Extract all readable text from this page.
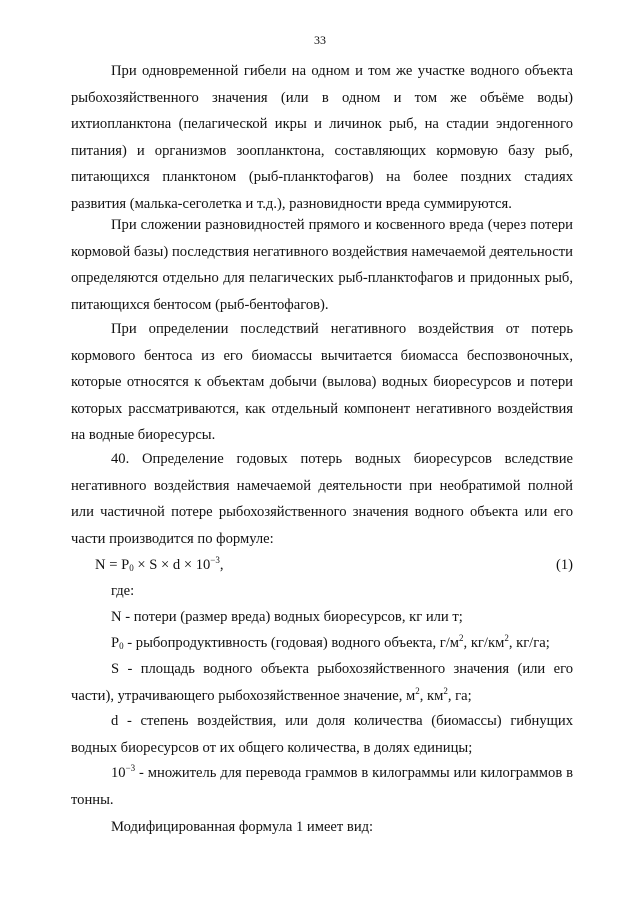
33

При одновременной гибели на одном и том же участке водного объекта рыбохозяйственного значения (или в одном и том же объёме воды) ихтиопланктона (пелагической икры и личинок рыб, на стадии эндогенного питания) и организмов зоопланктона, составляющих кормовую базу рыб, питающихся планктоном (рыб-планктофагов) на более поздних стадиях развития (малька-сеголетка и т.д.), разновидности вреда суммируются.

При сложении разновидностей прямого и косвенного вреда (через потери кормовой базы) последствия негативного воздействия намечаемой деятельности определяются отдельно для пелагических рыб-планктофагов и придонных рыб, питающихся бентосом (рыб-бентофагов).

При определении последствий негативного воздействия от потерь кормового бентоса из его биомассы вычитается биомасса беспозвоночных, которые относятся к объектам добычи (вылова) водных биоресурсов и потери которых рассматриваются, как отдельный компонент негативного воздействия на водные биоресурсы.

40. Определение годовых потерь водных биоресурсов вследствие негативного воздействия намечаемой деятельности при необратимой полной или частичной потере рыбохозяйственного значения водного объекта или его части производится по формуле:

$N = P_0 \times S \times d \times 10^{-3}$,	(1)

где:

N - потери (размер вреда) водных биоресурсов, кг или т;

$P_0$ - рыбопродуктивность (годовая) водного объекта, $г/м^2$, $кг/км^2$, кг/га;

S - площадь водного объекта рыбохозяйственного значения (или его части), утрачивающего рыбохозяйственное значение, $м^2$, $км^2$, га;

d - степень воздействия, или доля количества (биомассы) гибнущих водных биоресурсов от их общего количества, в долях единицы;

$10^{-3}$ - множитель для перевода граммов в килограммы или килограммов в тонны.

Модифицированная формула 1 имеет вид:
